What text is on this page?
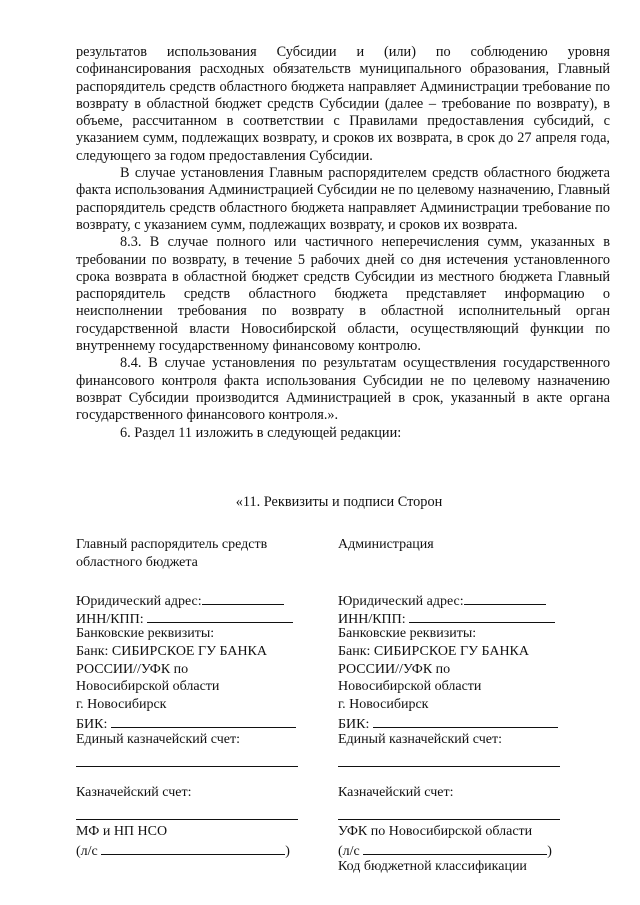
результатов использования Субсидии и (или) по соблюдению уровня софинансирования расходных обязательств муниципального образования, Главный распорядитель средств областного бюджета направляет Администрации требование по возврату в областной бюджет средств Субсидии (далее – требование по возврату), в объеме, рассчитанном в соответствии с Правилами предоставления субсидий, с указанием сумм, подлежащих возврату, и сроков их возврата, в срок до 27 апреля года, следующего за годом предоставления Субсидии.

В случае установления Главным распорядителем средств областного бюджета факта использования Администрацией Субсидии не по целевому назначению, Главный распорядитель средств областного бюджета направляет Администрации требование по возврату, с указанием сумм, подлежащих возврату, и сроков их возврата.

8.3. В случае полного или частичного неперечисления сумм, указанных в требовании по возврату, в течение 5 рабочих дней со дня истечения установленного срока возврата в областной бюджет средств Субсидии из местного бюджета Главный распорядитель средств областного бюджета представляет информацию о неисполнении требования по возврату в областной исполнительный орган государственной власти Новосибирской области, осуществляющий функции по внутреннему государственному финансовому контролю.

8.4. В случае установления по результатам осуществления государственного финансового контроля факта использования Субсидии не по целевому назначению возврат Субсидии производится Администрацией в срок, указанный в акте органа государственного финансового контроля.».

6. Раздел 11 изложить в следующей редакции:

«11. Реквизиты и подписи Сторон
Главный распорядитель средств областного бюджета
Юридический адрес:
ИНН/КПП:
Банковские реквизиты:
Банк: СИБИРСКОЕ ГУ БАНКА
РОССИИ//УФК по
Новосибирской области
г. Новосибирск
БИК:
Единый казначейский счет:
Казначейский счет:
МФ и НП НСО
(л/с	)
Администрация
Юридический адрес:
ИНН/КПП:
Банковские реквизиты:
Банк: СИБИРСКОЕ ГУ БАНКА
РОССИИ//УФК по
Новосибирской области
г. Новосибирск
БИК:
Единый казначейский счет:
Казначейский счет:
УФК по Новосибирской области
(л/с	)
Код бюджетной классификации
